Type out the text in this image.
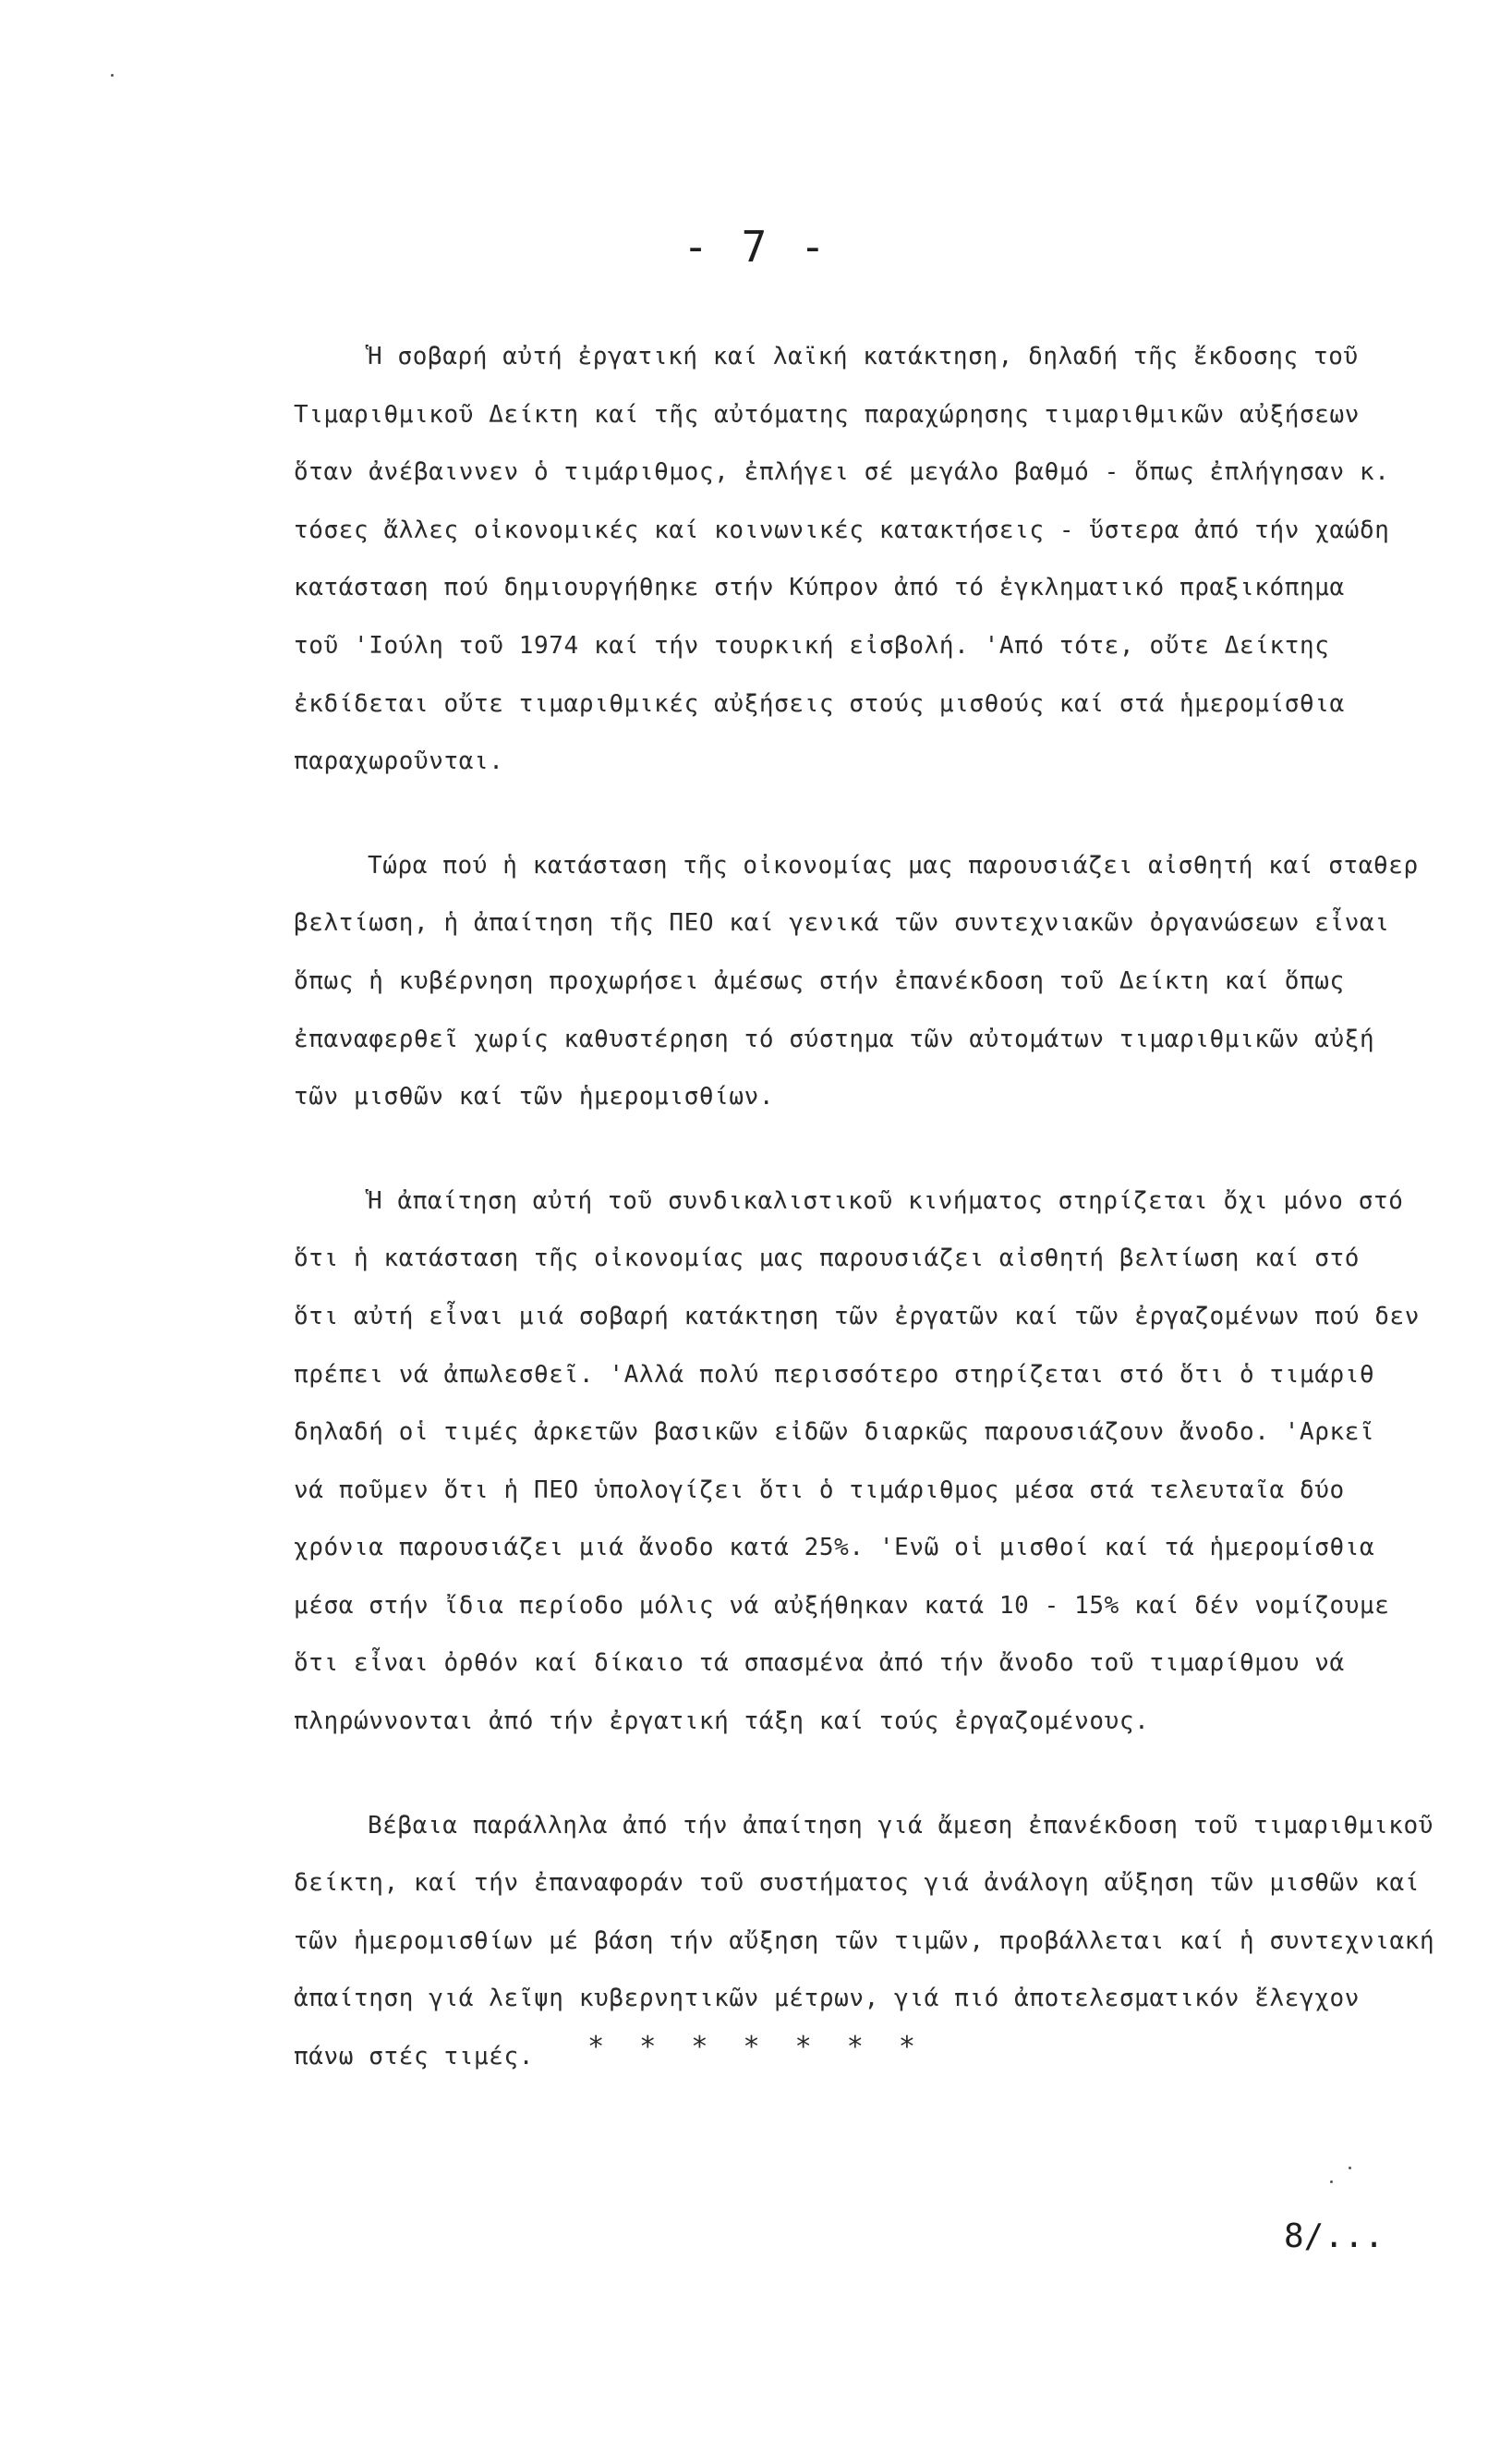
- 7 -
Ἡ σοβαρή αὐτή ἐργατική καί λαϊκή κατάκτηση, δηλαδή τῆς ἔκδοσης τοῦ
Τιμαριθμικοῦ Δείκτη καί τῆς αὐτόματης παραχώρησης τιμαριθμικῶν αὐξήσεων
ὅταν ἀνέβαιννεν ὁ τιμάριθμος, ἐπλήγει σέ μεγάλο βαθμό - ὅπως ἐπλήγησαν κ.
τόσες ἄλλες οἰκονομικές καί κοινωνικές κατακτήσεις - ὕστερα ἀπό τήν χαώδη
κατάσταση πού δημιουργήθηκε στήν Κύπρον ἀπό τό ἐγκληματικό πραξικόπημα
τοῦ 'Ιούλη τοῦ 1974 καί τήν τουρκική εἰσβολή. 'Από τότε, οὔτε Δείκτης
ἐκδίδεται οὔτε τιμαριθμικές αὐξήσεις στούς μισθούς καί στά ἡμερομίσθια
παραχωροῦνται.
Τώρα πού ἡ κατάσταση τῆς οἰκονομίας μας παρουσιάζει αἰσθητή καί σταθερ
βελτίωση, ἡ ἀπαίτηση τῆς ΠΕΟ καί γενικά τῶν συντεχνιακῶν ὀργανώσεων εἶναι
ὅπως ἡ κυβέρνηση προχωρήσει ἀμέσως στήν ἐπανέκδοση τοῦ Δείκτη καί ὅπως
ἐπαναφερθεῖ χωρίς καθυστέρηση τό σύστημα τῶν αὐτομάτων τιμαριθμικῶν αὐξή
τῶν μισθῶν καί τῶν ἡμερομισθίων.
Ἡ ἀπαίτηση αὐτή τοῦ συνδικαλιστικοῦ κινήματος στηρίζεται ὄχι μόνο στό
ὅτι ἡ κατάσταση τῆς οἰκονομίας μας παρουσιάζει αἰσθητή βελτίωση καί στό
ὅτι αὐτή εἶναι μιά σοβαρή κατάκτηση τῶν ἐργατῶν καί τῶν ἐργαζομένων πού δεν
πρέπει νά ἀπωλεσθεῖ. 'Αλλά πολύ περισσότερο στηρίζεται στό ὅτι ὁ τιμάριθ
δηλαδή οἱ τιμές ἀρκετῶν βασικῶν εἰδῶν διαρκῶς παρουσιάζουν ἄνοδο. 'Αρκεῖ
νά ποῦμεν ὅτι ἡ ΠΕΟ ὑπολογίζει ὅτι ὁ τιμάριθμος μέσα στά τελευταῖα δύο
χρόνια παρουσιάζει μιά ἄνοδο κατά 25%. 'Ενῶ οἱ μισθοί καί τά ἡμερομίσθια
μέσα στήν ἴδια περίοδο μόλις νά αὐξήθηκαν κατά 10 - 15% καί δέν νομίζουμε
ὅτι εἶναι ὀρθόν καί δίκαιο τά σπασμένα ἀπό τήν ἄνοδο τοῦ τιμαρίθμου νά
πληρώννονται ἀπό τήν ἐργατική τάξη καί τούς ἐργαζομένους.
Βέβαια παράλληλα ἀπό τήν ἀπαίτηση γιά ἄμεση ἐπανέκδοση τοῦ τιμαριθμικοῦ
δείκτη, καί τήν ἐπαναφοράν τοῦ συστήματος γιά ἀνάλογη αὔξηση τῶν μισθῶν καί
τῶν ἡμερομισθίων μέ βάση τήν αὔξηση τῶν τιμῶν, προβάλλεται καί ἡ συντεχνιακή
ἀπαίτηση γιά λεῖψη κυβερνητικῶν μέτρων, γιά πιό ἀποτελεσματικόν ἔλεγχον
πάνω στές τιμές.	* * * * * * *
8/...
